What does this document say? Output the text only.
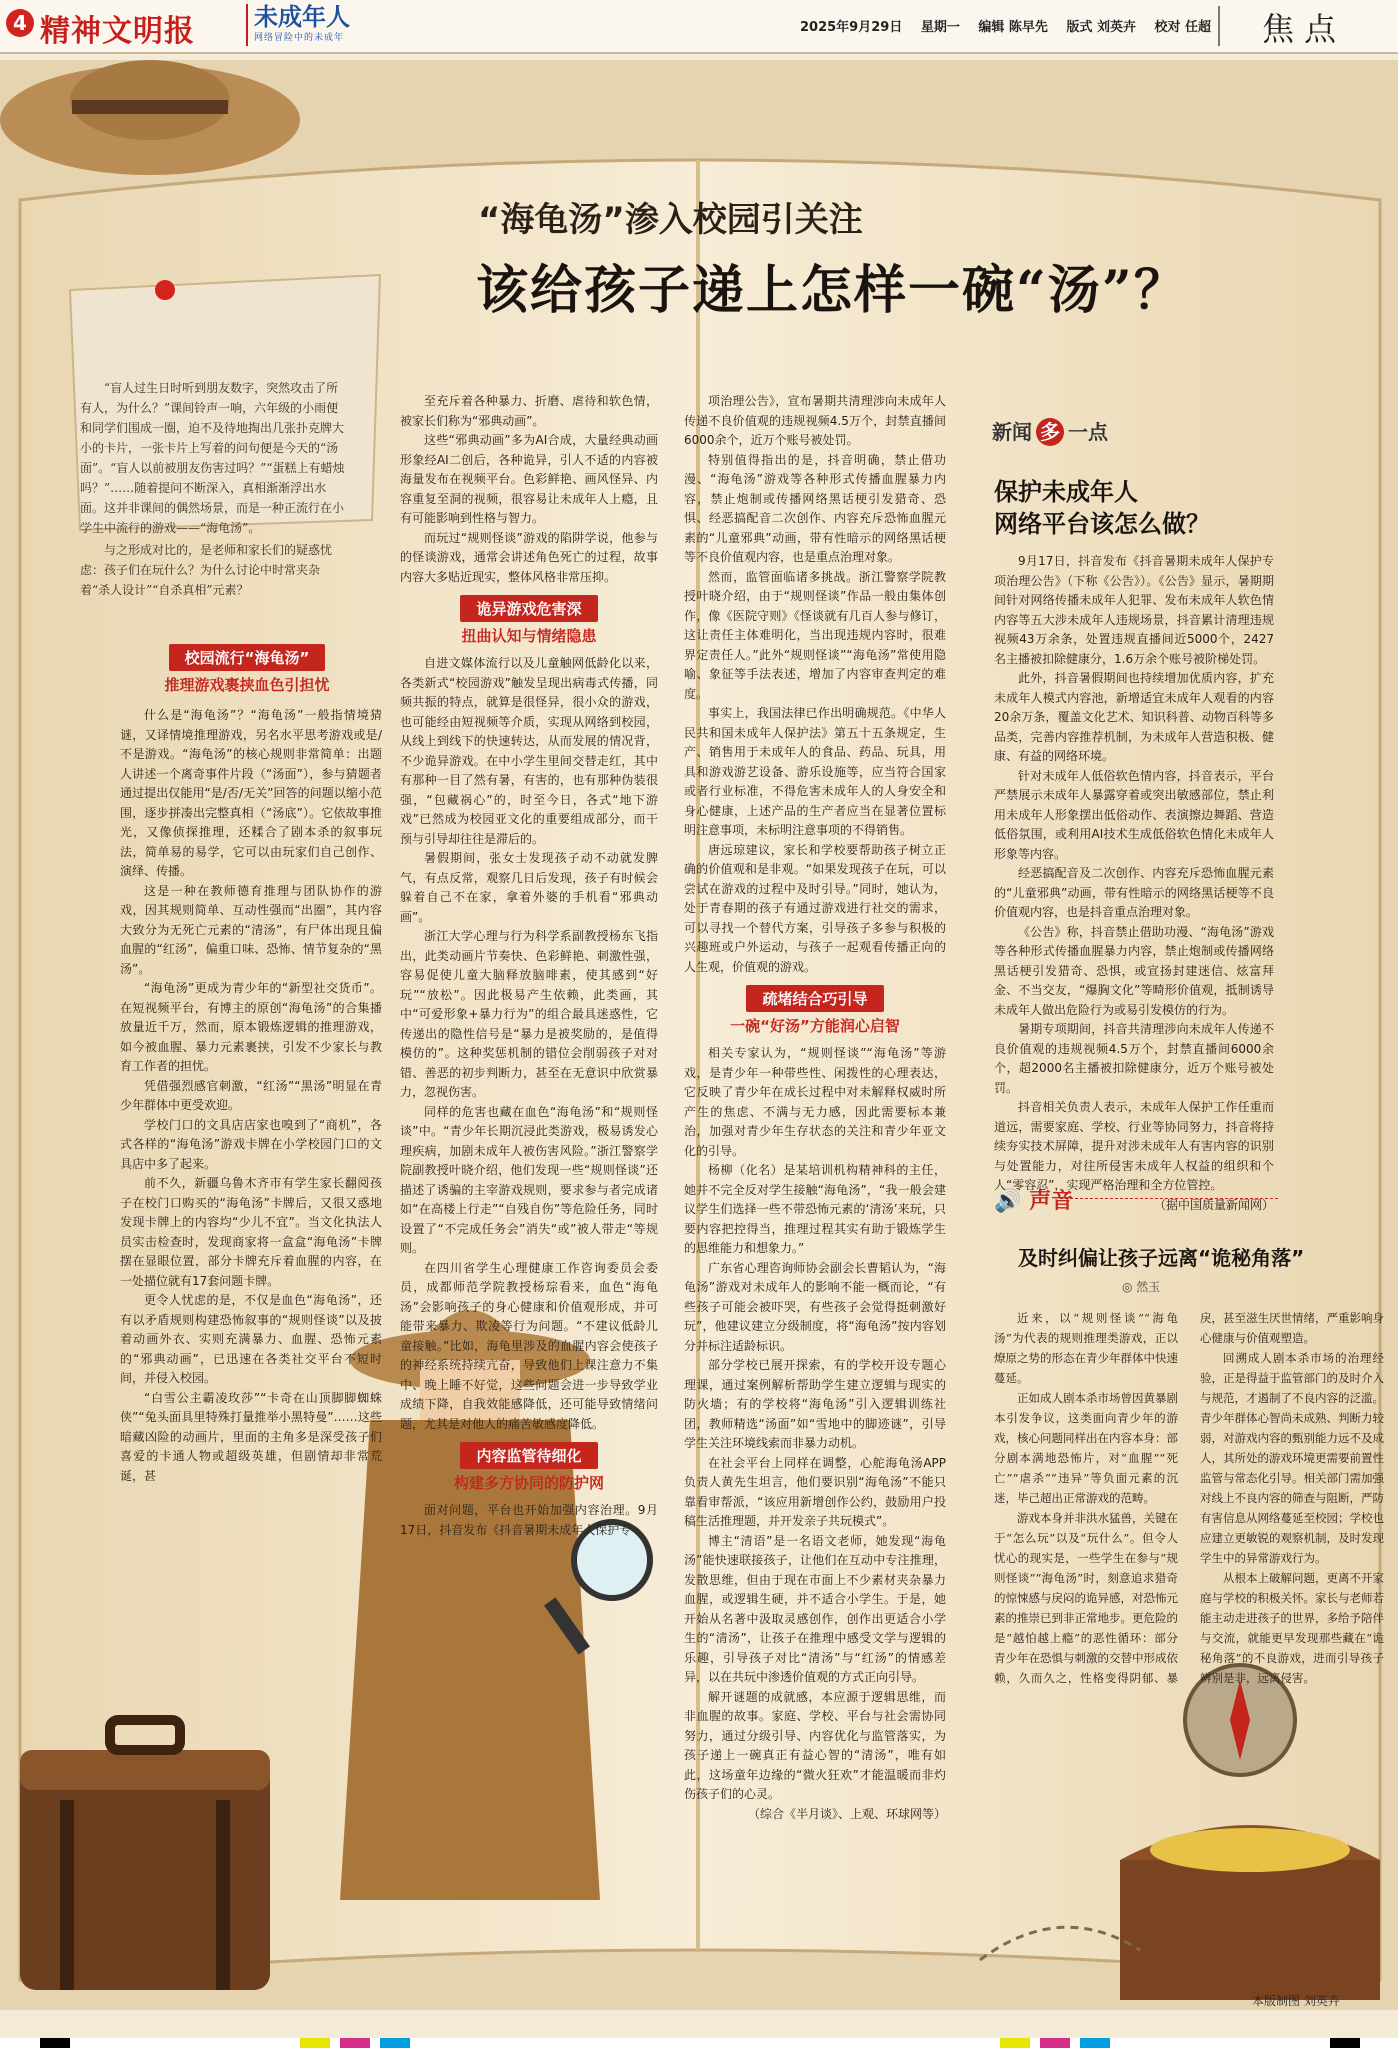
4 精神文明报 未成年人
网络冒险中的未成年
2025年9月29日 星期一 编辑 陈早先 版式 刘英卉 校对 任超	焦点
“海龟汤”渗入校园引关注
该给孩子递上怎样一碗“汤”？

“盲人过生日时听到朋友数字，突然攻击了所有人，为什么？”课间铃声一响，六年级的小雨便和同学们围成一圈，迫不及待地掏出几张扑克牌大小的卡片，一张卡片上写着的问句便是今天的“汤面”。“盲人以前被朋友伤害过吗？”“蛋糕上有蜡烛吗？”……随着提问不断深入，真相渐渐浮出水面。这并非课间的偶然场景，而是一种正流行在小学生中流行的游戏——“海龟汤”。

与之形成对比的，是老师和家长们的疑惑忧虑：孩子们在玩什么？为什么讨论中时常夹杂着“杀人设计”“自杀真相”元素？

校园流行“海龟汤”
推理游戏裹挟血色引担忧

什么是“海龟汤”？“海龟汤”一般指情境猜谜，又译情境推理游戏，另名水平思考游戏或是/不是游戏。“海龟汤”的核心规则非常简单：出题人讲述一个离奇事件片段（“汤面”），参与猜题者通过提出仅能用“是/否/无关”回答的问题以缩小范围，逐步拼凑出完整真相（“汤底”）。它依故事推光，又像侦探推理，还糅合了剧本杀的叙事玩法，简单易的易学，它可以由玩家们自己创作、演绎、传播。

这是一种在教师德育推理与团队协作的游戏，因其规则简单、互动性强而“出圈”，其内容大致分为无死亡元素的“清汤”，有尸体出现且偏血腥的“红汤”，偏重口味、恐怖、情节复杂的“黑汤”。

“海龟汤”更成为青少年的“新型社交货币”。在短视频平台，有博主的原创“海龟汤”的合集播放量近千万，然而，原本锻炼逻辑的推理游戏，如今被血腥、暴力元素裹挟，引发不少家长与教育工作者的担忧。

凭借强烈感官刺激，“红汤”“黑汤”明显在青少年群体中更受欢迎。

学校门口的文具店店家也嗅到了“商机”，各式各样的“海龟汤”游戏卡牌在小学校园门口的文具店中多了起来。

前不久，新疆乌鲁木齐市有学生家长翻阅孩子在校门口购买的“海龟汤”卡牌后，又很又惑地发现卡牌上的内容均“少儿不宜”。当文化执法人员实击检查时，发现商家将一盒盒“海龟汤”卡牌摆在显眼位置，部分卡牌充斥着血腥的内容，在一处描位就有17套问题卡牌。

更令人忧虑的是，不仅是血色“海龟汤”，还有以矛盾规则构建恐怖叙事的“规则怪谈”以及披着动画外衣、实则充满暴力、血腥、恐怖元素的“邪典动画”，已迅速在各类社交平台不短时间，并侵入校园。

“白雪公主霸凌玫莎”“卡奇在山顶脚脚蜘蛛侠”“兔头面具里特殊打量推举小黑特曼”……这些暗藏凶险的动画片，里面的主角多是深受孩子们喜爱的卡通人物或超级英雄，但剧情却非常荒诞，甚

至充斥着各种暴力、折磨、虐待和软色情，被家长们称为“邪典动画”。

这些“邪典动画”多为AI合成，大量经典动画形象经AI二创后，各种诡异，引人不适的内容被海量发布在视频平台。色彩鲜艳、画风怪异、内容重复至洞的视频，很容易让未成年人上瘾，且有可能影响到性格与智力。

而玩过“规则怪谈”游戏的陷阱学说，他参与的怪谈游戏，通常会讲述角色死亡的过程，故事内容大多贴近现实，整体风格非常压抑。

诡异游戏危害深
扭曲认知与情绪隐患

自进文媒体流行以及儿童触网低龄化以来，各类新式“校园游戏”触发呈现出病毒式传播，同频共振的特点，就算是很怪异，很小众的游戏，也可能经由短视频等介质，实现从网络到校园，从线上到线下的快速转达，从而发展的情况背，不少诡异游戏。在中小学生里间交替走红，其中有那种一目了然有暑，有害的，也有那种伪装很强，“包藏祸心”的，时至今日，各式“地下游戏”已然成为校园亚文化的重要组成部分，而干预与引导却往往是滞后的。

暑假期间，张女士发现孩子动不动就发脾气，有点反常，观察几日后发现，孩子有时候会躲着自己不在家，拿着外婆的手机看“邪典动画”。

浙江大学心理与行为科学系副教授杨东飞指出，此类动画片节奏快、色彩鲜艳、刺激性强，容易促使儿童大脑释放脑啡素，使其感到“好玩”“放松”。因此极易产生依赖，此类画，其中“可爱形象+暴力行为”的组合最具迷惑性，它传递出的隐性信号是“暴力是被奖励的，是值得模仿的”。这种奖惩机制的错位会削弱孩子对对错、善恶的初步判断力，甚至在无意识中欣赏暴力，忽视伤害。

同样的危害也藏在血色“海龟汤”和“规则怪谈”中。“青少年长期沉浸此类游戏，极易诱发心理疾病，加剧未成年人被伤害风险。”浙江警察学院副教授叶晓介绍，他们发现一些“规则怪谈”还描述了诱骗的主宰游戏规则，要求参与者完成诸如“在高楼上行走”“自残自伤”等危险任务，同时设置了“不完成任务会”消失“或”被人带走“等规则。

在四川省学生心理健康工作咨询委员会委员，成都师范学院教授杨琮看来，血色“海龟汤”会影响孩子的身心健康和价值观形成，并可能带来暴力、欺凌等行为问题。“不建议低龄儿童接触。”比如，海龟里涉及的血腥内容会使孩子的神经系统持续亢奋，导致他们上课注意力不集中、晚上睡不好觉，这些问题会进一步导致学业成绩下降，自我效能感降低，还可能导致情绪问题，尤其是对他人的痛苦敏感度降低。

内容监管待细化
构建多方协同的防护网

面对问题，平台也开始加强内容治理。9月17日，抖音发布《抖音暑期未成年人保护专

项治理公告》，宣布暑期共清理涉向未成年人传递不良价值观的违规视频4.5万个，封禁直播间6000余个，近万个账号被处罚。

特别值得指出的是，抖音明确，禁止借功漫、“海龟汤”游戏等各种形式传播血腥暴力内容，禁止炮制或传播网络黑话梗引发猎奇、恐惧、经恶搞配音二次创作、内容充斥恐怖血腥元素的“儿童邪典”动画，带有性暗示的网络黑话梗等不良价值观内容，也是重点治理对象。

然而，监管面临诸多挑战。浙江警察学院教授叶晓介绍，由于“规则怪谈”作品一般由集体创作，像《医院守则》《怪谈就有几百人参与修订，这让责任主体难明化，当出现违规内容时，很难界定责任人。”此外“规则怪谈”“海龟汤”常使用隐喻、象征等手法表述，增加了内容审查判定的难度。

事实上，我国法律已作出明确规范。《中华人民共和国未成年人保护法》第五十五条规定，生产、销售用于未成年人的食品、药品、玩具，用具和游戏游艺设备、游乐设施等，应当符合国家或者行业标准，不得危害未成年人的人身安全和身心健康，上述产品的生产者应当在显著位置标明注意事项，未标明注意事项的不得销售。

唐远琼建议，家长和学校要帮助孩子树立正确的价值观和是非观。“如果发现孩子在玩，可以尝试在游戏的过程中及时引导。”同时，她认为，处于青春期的孩子有通过游戏进行社交的需求，可以寻找一个替代方案，引导孩子多参与积极的兴趣班或户外运动，与孩子一起观看传播正向的人生观，价值观的游戏。

疏堵结合巧引导
一碗“好汤”方能润心启智

相关专家认为，“规则怪谈”“海龟汤”等游戏，是青少年一种带些性、闲拨性的心理表达，它反映了青少年在成长过程中对未解释权威时所产生的焦虑、不满与无力感，因此需要标本兼治，加强对青少年生存状态的关注和青少年亚文化的引导。

杨柳（化名）是某培训机构精神科的主任，她并不完全反对学生接触“海龟汤”，“我一般会建议学生们选择一些不带恐怖元素的‘清汤’来玩，只要内容把控得当，推理过程其实有助于锻炼学生的思维能力和想象力。”

广东省心理咨询师协会副会长曹韬认为，“海龟汤”游戏对未成年人的影响不能一概而论，“有些孩子可能会被吓哭，有些孩子会觉得挺刺激好玩”，他建议建立分级制度，将“海龟汤”按内容划分并标注适龄标识。

部分学校已展开探索，有的学校开设专题心理课，通过案例解析帮助学生建立逻辑与现实的防火墙；有的学校将“海龟汤”引入逻辑训练社团，教师精选“汤面”如“雪地中的脚迹谜”，引导学生关注环境线索而非暴力动机。

在社会平台上同样在调整，心舵海龟汤APP负责人黄先生坦言，他们要识别“海龟汤”不能只靠看审帮派，“该应用新增创作公约，鼓励用户投稿生活推理题，并开发亲子共玩模式”。

博主“清语”是一名语文老师，她发现“海龟汤”能快速联接孩子，让他们在互动中专注推理，发散思维，但由于现在市面上不少素材夹杂暴力血腥，或逻辑生硬，并不适合小学生。于是，她开始从名著中汲取灵感创作，创作出更适合小学生的“清汤”，让孩子在推理中感受文学与逻辑的乐趣，引导孩子对比“清汤”与“红汤”的情感差异，以在共玩中渗透价值观的方式正向引导。

解开谜题的成就感，本应源于逻辑思维，而非血腥的故事。家庭、学校、平台与社会需协同努力，通过分级引导、内容优化与监管落实，为孩子递上一碗真正有益心智的“清汤”，唯有如此，这场童年边缘的“微火狂欢”才能温暖而非灼伤孩子们的心灵。

（综合《半月谈》、上观、环球网等）

新闻 多 一点
保护未成年人
网络平台该怎么做？

9月17日，抖音发布《抖音暑期未成年人保护专项治理公告》（下称《公告》）。《公告》显示，暑期期间针对网络传播未成年人犯罪、发布未成年人软色情内容等五大涉未成年人违规场景，抖音累计清理违规视频43万余条，处置违规直播间近5000个，2427名主播被扣除健康分，1.6万余个账号被阶梯处罚。

此外，抖音暑假期间也持续增加优质内容，扩充未成年人模式内容池，新增适宜未成年人观看的内容20余万条，覆盖文化艺术、知识科普、动物百科等多品类，完善内容推荐机制，为未成年人营造积极、健康、有益的网络环境。

针对未成年人低俗软色情内容，抖音表示，平台严禁展示未成年人暴露穿着或突出敏感部位，禁止利用未成年人形象摆出低俗动作、表演擦边舞蹈、营造低俗氛围，或利用AI技术生成低俗软色情化未成年人形象等内容。

经恶搞配音及二次创作、内容充斥恐怖血腥元素的“儿童邪典”动画，带有性暗示的网络黑话梗等不良价值观内容，也是抖音重点治理对象。

《公告》称，抖音禁止借助功漫、“海龟汤”游戏等各种形式传播血腥暴力内容，禁止炮制或传播网络黑话梗引发猎奇、恐惧，或宣扬封建迷信、炫富拜金、不当交友，“爆胸文化”等畸形价值观，抵制诱导未成年人做出危险行为或易引发模仿的行为。

暑期专项期间，抖音共清理涉向未成年人传递不良价值观的违规视频4.5万个，封禁直播间6000余个，超2000名主播被扣除健康分，近万个账号被处罚。

抖音相关负责人表示，未成年人保护工作任重而道远，需要家庭、学校、行业等协同努力，抖音将持续夯实技术屏障，提升对涉未成年人有害内容的识别与处置能力，对往所侵害未成年人权益的组织和个人“零容忍”，实现严格治理和全方位管控。

（据中国质量新闻网）

🔊 声音
及时纠偏让孩子远离“诡秘角落”
◎ 然玉

近来，以“规则怪谈”“海龟汤”为代表的规则推理类游戏，正以燎原之势的形态在青少年群体中快速蔓延。

正如成人剧本杀市场曾因黄暴剧本引发争议，这类面向青少年的游戏，核心问题同样出在内容本身：部分剧本满地恐怖片，对“血腥”“死亡”“虐杀”“违异”等负面元素的沉迷，毕己超出正常游戏的范畴。

游戏本身并非洪水猛兽，关键在于“怎么玩”以及“玩什么”。但令人忧心的现实是，一些学生在参与“规则怪谈”“海龟汤”时，刻意追求猎奇的惊悚感与戾闷的诡异感，对恐怖元素的推崇已到非正常地步。更危险的是“越怕越上瘾”的恶性循环：部分青少年在恐惧与刺激的交替中形成依赖，久而久之，性格变得阴郁、暴戾，甚至滋生厌世情绪，严重影响身心健康与价值观塑造。

回溯成人剧本杀市场的治理经验，正是得益于监管部门的及时介入与规范，才遏制了不良内容的泛滥。青少年群体心智尚未成熟、判断力较弱，对游戏内容的甄别能力远不及成人，其所处的游戏环境更需要前置性监管与常态化引导。相关部门需加强对线上不良内容的筛查与阻断，严防有害信息从网络蔓延至校园；学校也应建立更敏锐的观察机制，及时发现学生中的异常游戏行为。

从根本上破解问题，更离不开家庭与学校的积极关怀。家长与老师若能主动走进孩子的世界，多给予陪伴与交流，就能更早发现那些藏在“诡秘角落”的不良游戏，进而引导孩子辨别是非，远离侵害。

本版制图 刘英卉
